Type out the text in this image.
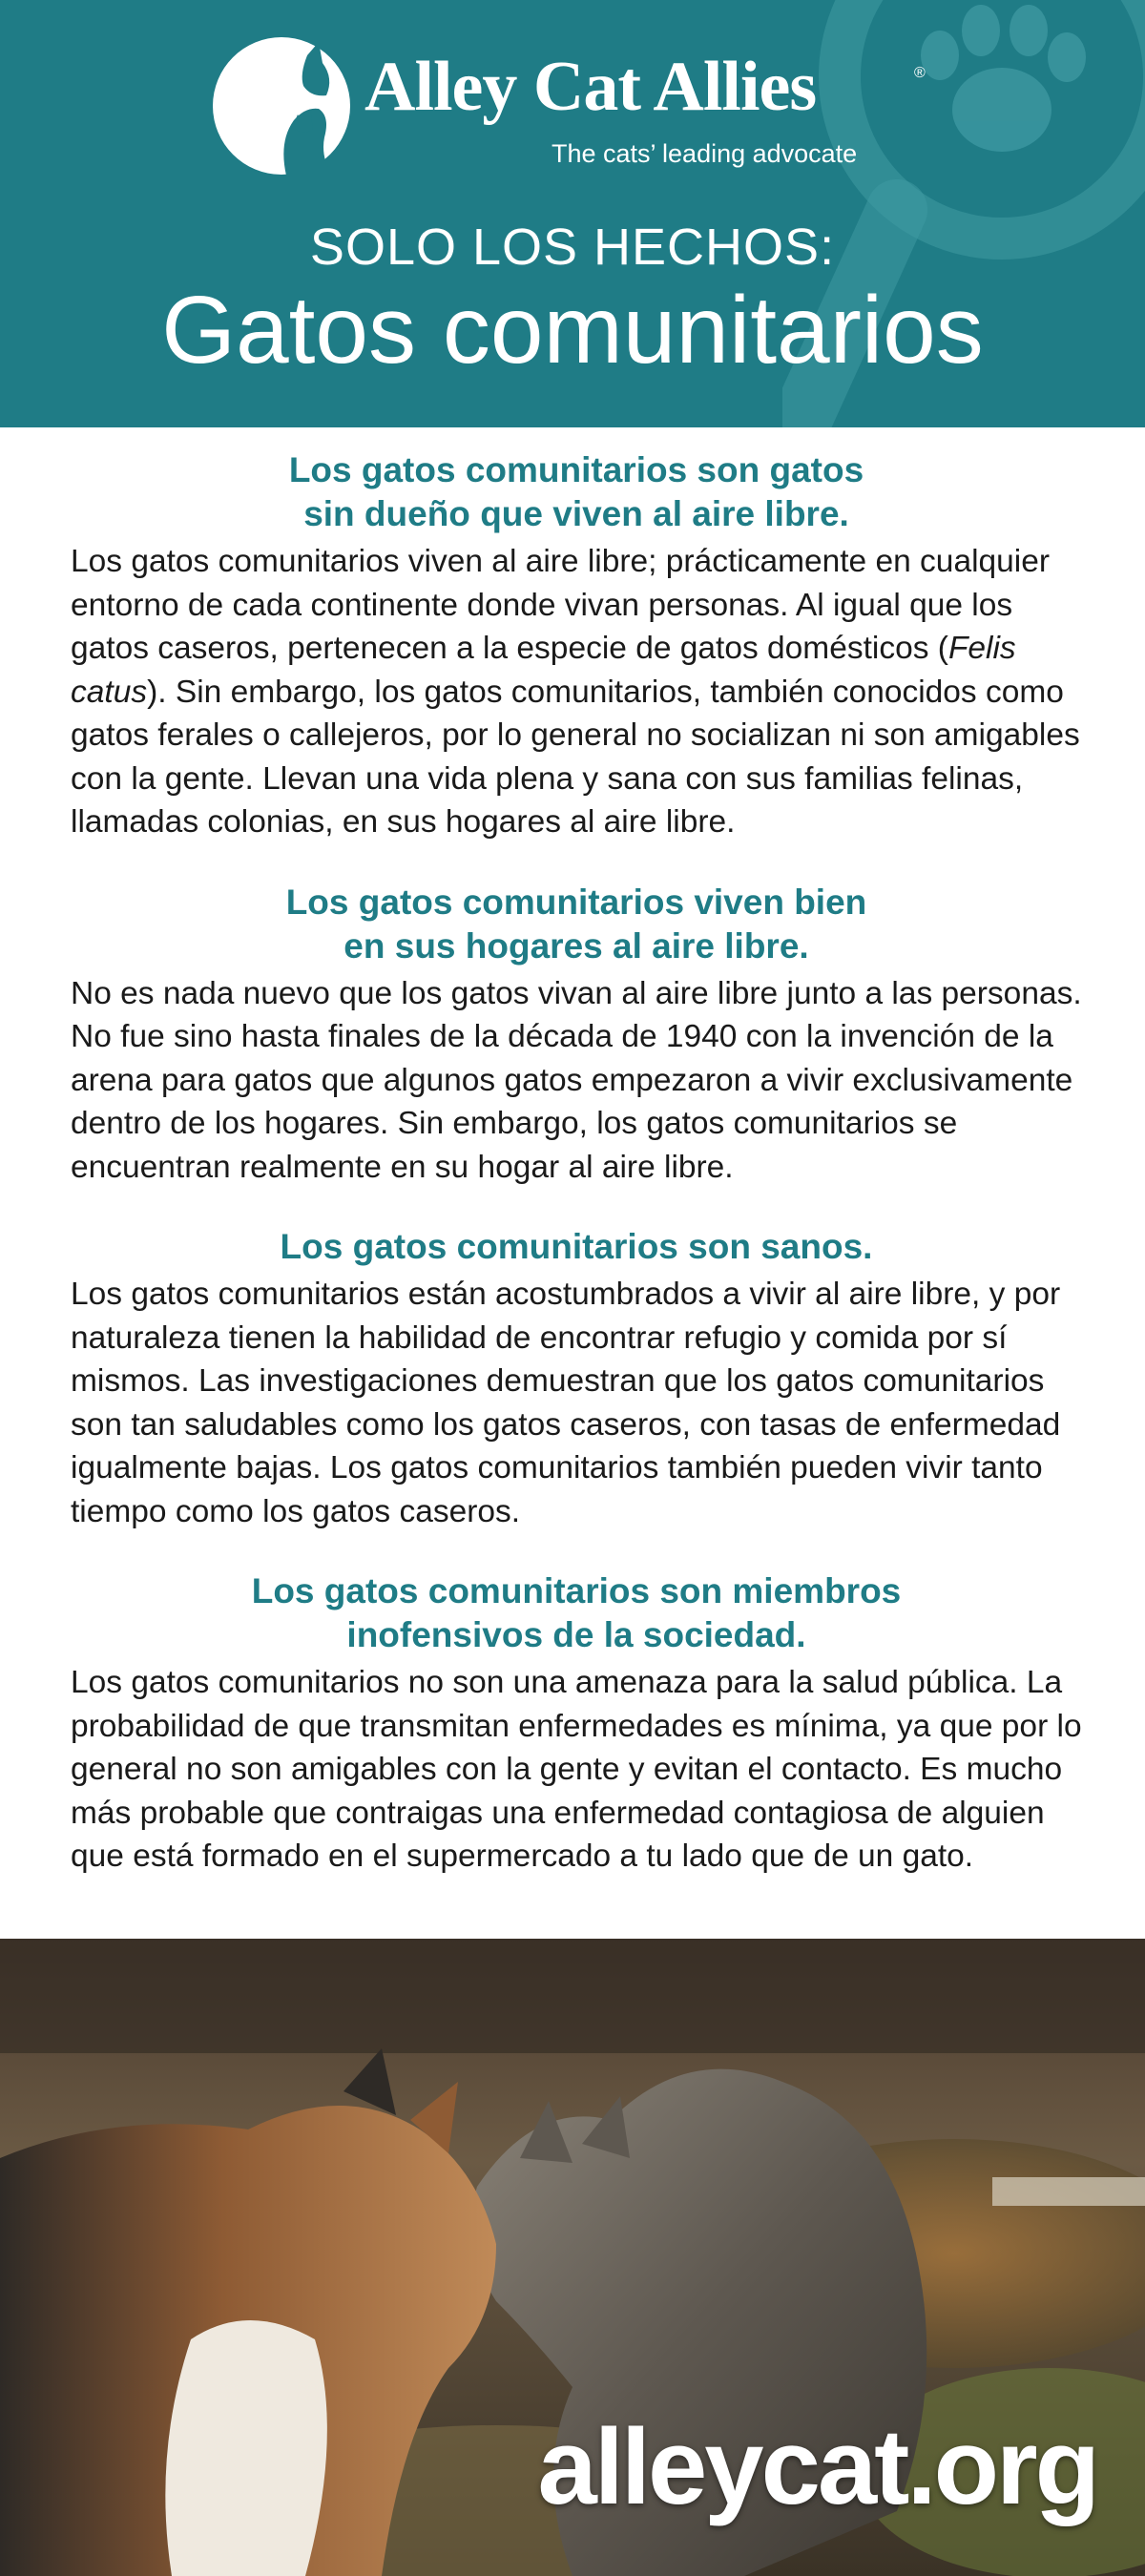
Alley Cat Allies	®
The cats’ leading advocate
SOLO LOS HECHOS:
Gatos comunitarios
Los gatos comunitarios son gatos
sin dueño que viven al aire libre.

Los gatos comunitarios viven al aire libre; prácticamente en cualquier entorno de cada continente donde vivan personas. Al igual que los gatos caseros, pertenecen a la especie de gatos domésticos (Felis catus). Sin embargo, los gatos comunitarios, también conocidos como gatos ferales o callejeros, por lo general no socializan ni son amigables con la gente. Llevan una vida plena y sana con sus familias felinas, llamadas colonias, en sus hogares al aire libre.

Los gatos comunitarios viven bien
en sus hogares al aire libre.

No es nada nuevo que los gatos vivan al aire libre junto a las personas. No fue sino hasta finales de la década de 1940 con la invención de la arena para gatos que algunos gatos empezaron a vivir exclusivamente dentro de los hogares. Sin embargo, los gatos comunitarios se encuentran realmente en su hogar al aire libre.

Los gatos comunitarios son sanos.

Los gatos comunitarios están acostumbrados a vivir al aire libre, y por naturaleza tienen la habilidad de encontrar refugio y comida por sí mismos. Las investigaciones demuestran que los gatos comunitarios son tan saludables como los gatos caseros, con tasas de enfermedad igualmente bajas. Los gatos comunitarios también pueden vivir tanto tiempo como los gatos caseros.

Los gatos comunitarios son miembros
inofensivos de la sociedad.

Los gatos comunitarios no son una amenaza para la salud pública. La probabilidad de que transmitan enfermedades es mínima, ya que por lo general no son amigables con la gente y evitan el contacto. Es mucho más probable que contraigas una enfermedad contagiosa de alguien que está formado en el supermercado a tu lado que de un gato.

alleycat.org
